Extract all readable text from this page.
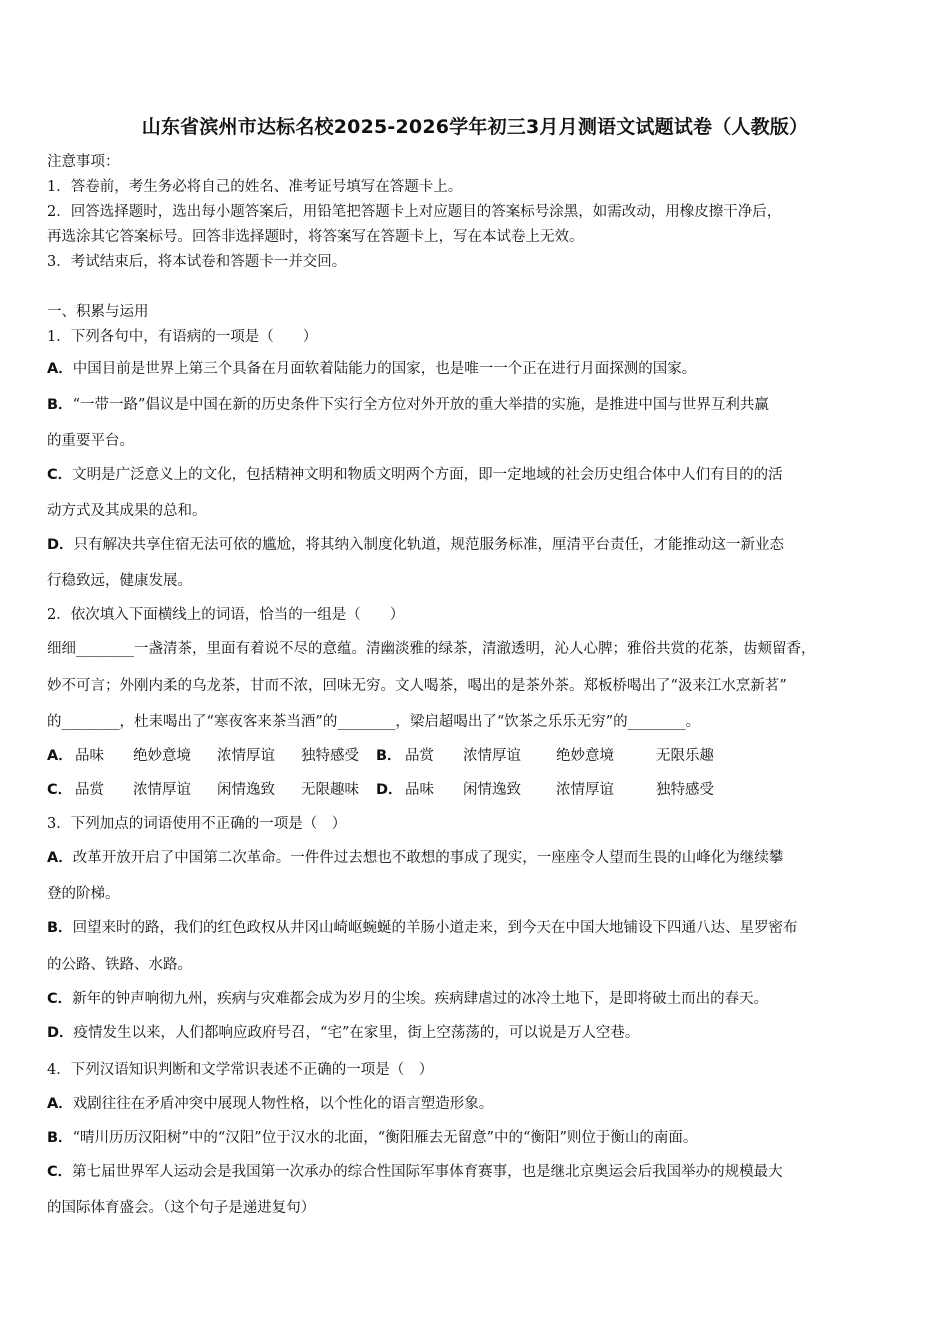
山东省滨州市达标名校2025-2026学年初三3月月测语文试题试卷（人教版）
注意事项：
1．答卷前，考生务必将自己的姓名、准考证号填写在答题卡上。
2．回答选择题时，选出每小题答案后，用铅笔把答题卡上对应题目的答案标号涂黑，如需改动，用橡皮擦干净后，
再选涂其它答案标号。回答非选择题时，将答案写在答题卡上，写在本试卷上无效。
3．考试结束后，将本试卷和答题卡一并交回。
一、积累与运用
1．下列各句中，有语病的一项是（　　）
A．中国目前是世界上第三个具备在月面软着陆能力的国家，也是唯一一个正在进行月面探测的国家。
B．“一带一路”倡议是中国在新的历史条件下实行全方位对外开放的重大举措的实施，是推进中国与世界互利共赢
的重要平台。
C．文明是广泛意义上的文化，包括精神文明和物质文明两个方面，即一定地域的社会历史组合体中人们有目的的活
动方式及其成果的总和。
D．只有解决共享住宿无法可依的尴尬，将其纳入制度化轨道，规范服务标准，厘清平台责任，才能推动这一新业态
行稳致远，健康发展。
2．依次填入下面横线上的词语，恰当的一组是（　　）
细细________一盏清茶，里面有着说不尽的意蕴。清幽淡雅的绿茶，清澈透明，沁人心脾；雅俗共赏的花茶，齿颊留香，
妙不可言；外刚内柔的乌龙茶，甘而不浓，回味无穷。文人喝茶，喝出的是茶外茶。郑板桥喝出了“汲来江水烹新茗”
的________，杜耒喝出了“寒夜客来茶当酒”的________，梁启超喝出了“饮茶之乐乐无穷”的________。
A． 品味 绝妙意境 浓情厚谊 独特感受 B． 品赏 浓情厚谊 绝妙意境	无限乐趣
C． 品赏 浓情厚谊 闲情逸致 无限趣味 D． 品味 闲情逸致 浓情厚谊	独特感受
3．下列加点的词语使用不正确的一项是（　）
A．改革开放开启了中国第二次革命。一件件过去想也不敢想的事成了现实，一座座令人望而生畏的山峰化为继续攀
登的阶梯。
B．回望来时的路，我们的红色政权从井冈山崎岖蜿蜒的羊肠小道走来，到今天在中国大地铺设下四通八达、星罗密布
的公路、铁路、水路。
C．新年的钟声响彻九州，疾病与灾难都会成为岁月的尘埃。疾病肆虐过的冰冷土地下，是即将破土而出的春天。
D．疫情发生以来，人们都响应政府号召，“宅”在家里，街上空荡荡的，可以说是万人空巷。
4．下列汉语知识判断和文学常识表述不正确的一项是（　）
A．戏剧往往在矛盾冲突中展现人物性格，以个性化的语言塑造形象。
B．“晴川历历汉阳树”中的“汉阳”位于汉水的北面，“衡阳雁去无留意”中的“衡阳”则位于衡山的南面。
C．第七届世界军人运动会是我国第一次承办的综合性国际军事体育赛事，也是继北京奥运会后我国举办的规模最大
的国际体育盛会。（这个句子是递进复句）
